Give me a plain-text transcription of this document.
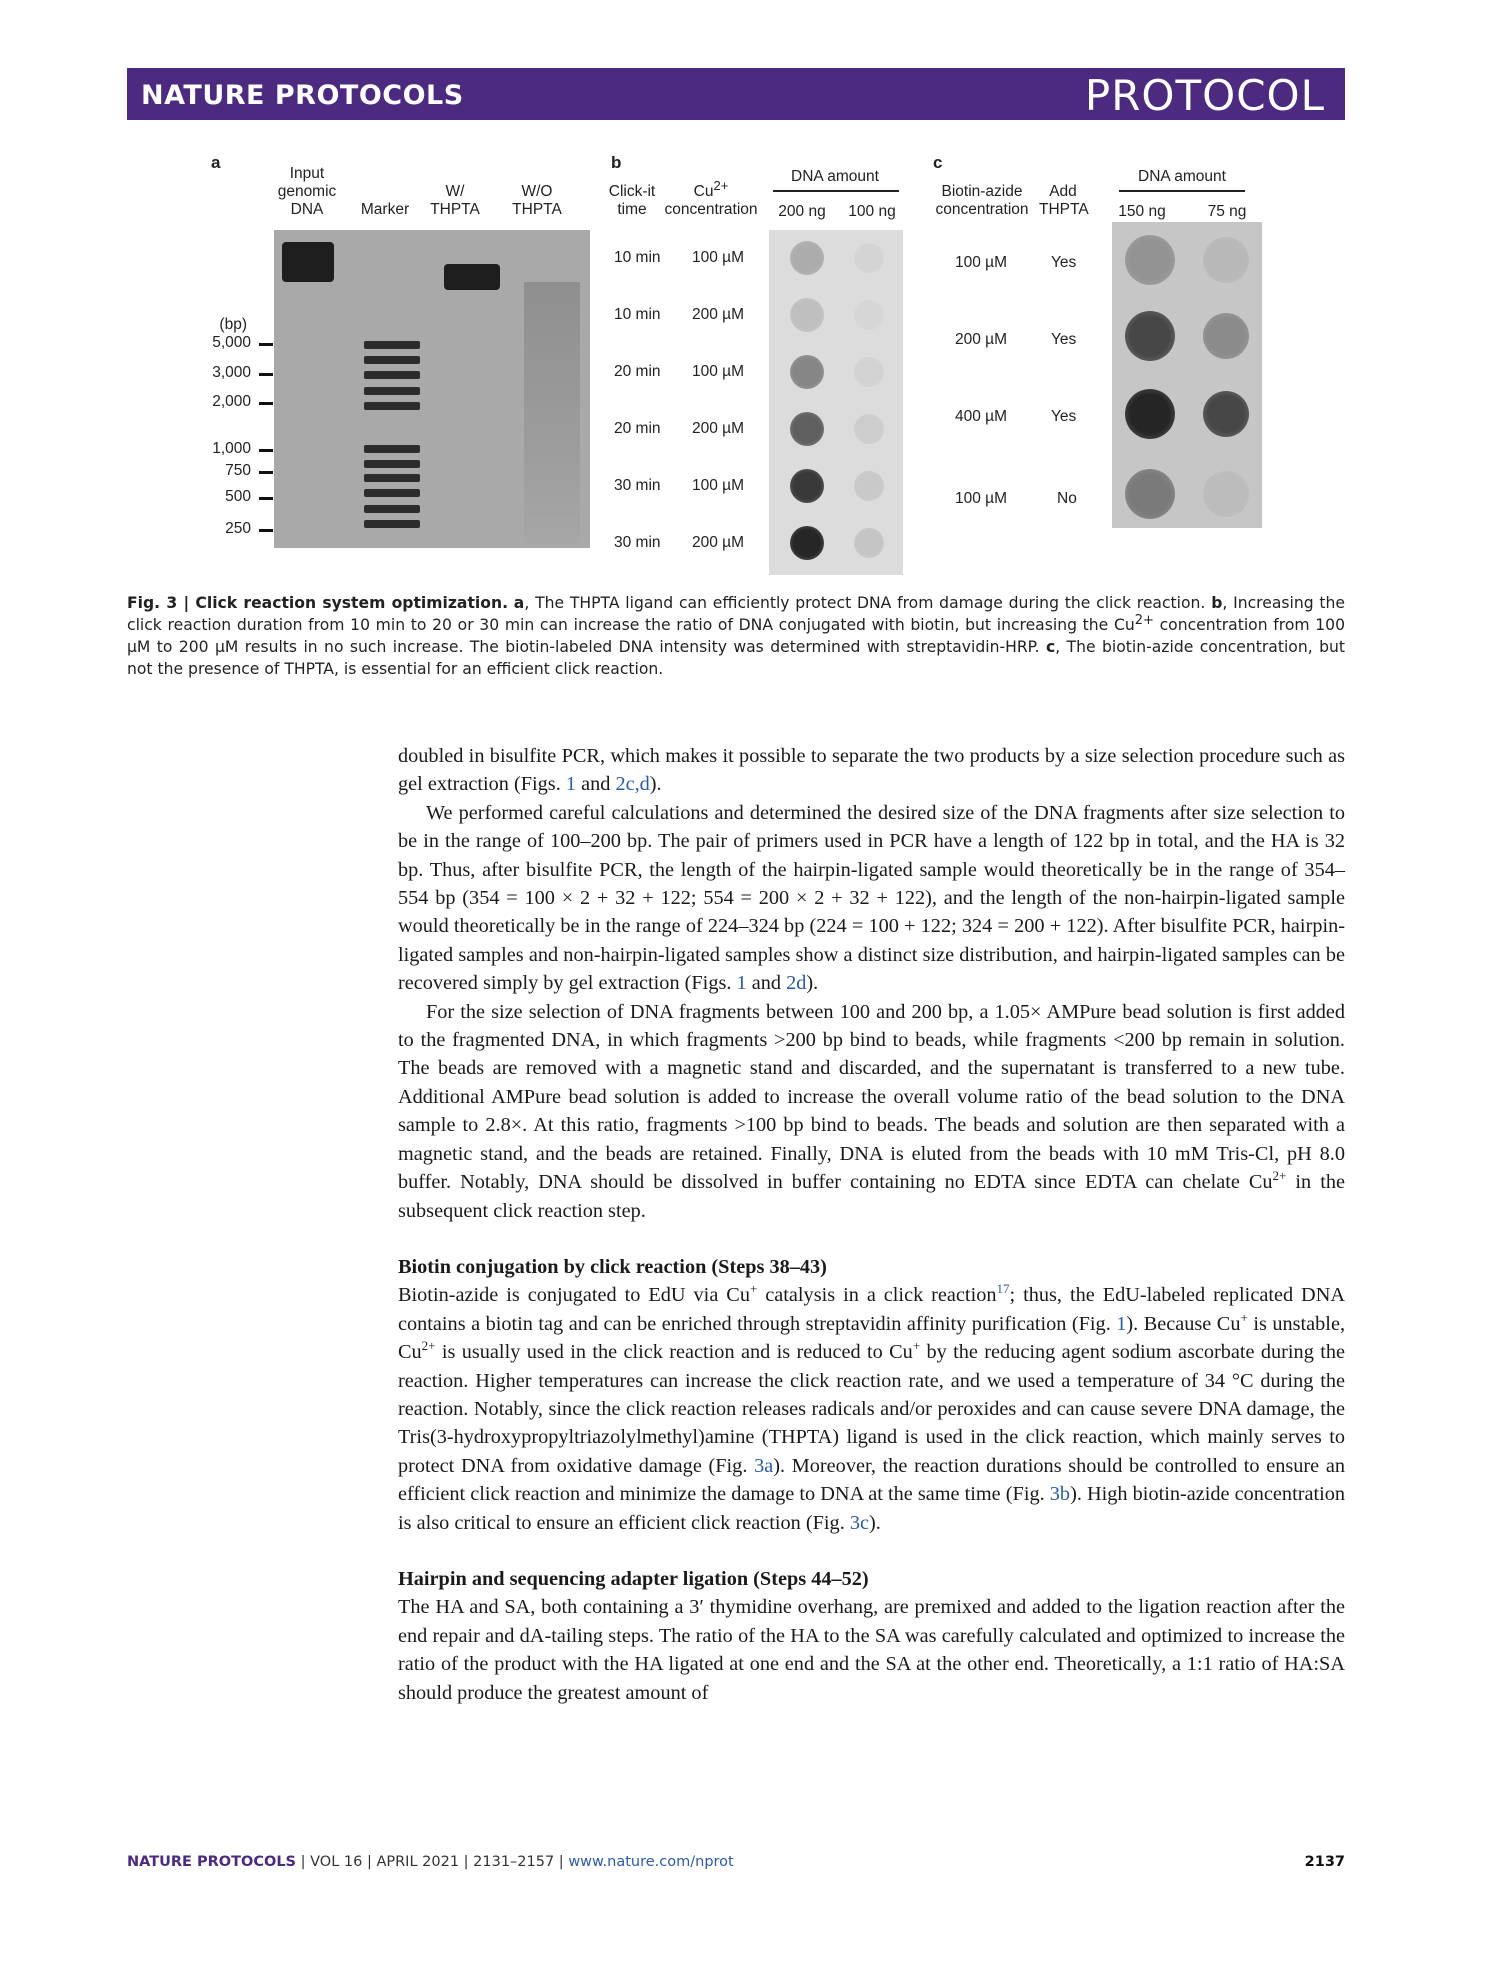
NATURE PROTOCOLS	PROTOCOL
a
Input genomic DNA	Marker
W/ THPTA
W/O THPTA
(bp)
5,000
3,000
2,000
1,000
750
500
250
b
Click-it time
$Cu^{2+}$
concentration
DNA amount
200 ng	100 ng
10 min 100 µM
10 min 200 µM
20 min 100 µM
20 min 200 µM
30 min 100 µM
30 min 200 µM
c
Biotin-azide concentration
Add THPTA
DNA amount
150 ng	75 ng
100 µM	Yes
200 µM	Yes
400 µM	Yes
100 µM	No
Fig. 3 | Click reaction system optimization. a, The THPTA ligand can efficiently protect DNA from damage during the click reaction. b, Increasing the click reaction duration from 10 min to 20 or 30 min can increase the ratio of DNA conjugated with biotin, but increasing the $Cu^{2+}$ concentration from 100 µM to 200 µM results in no such increase. The biotin-labeled DNA intensity was determined with streptavidin-HRP. c, The biotin-azide concentration, but not the presence of THPTA, is essential for an efficient click reaction.

doubled in bisulfite PCR, which makes it possible to separate the two products by a size selection procedure such as gel extraction (Figs. 1 and 2c,d).

We performed careful calculations and determined the desired size of the DNA fragments after size selection to be in the range of 100–200 bp. The pair of primers used in PCR have a length of 122 bp in total, and the HA is 32 bp. Thus, after bisulfite PCR, the length of the hairpin-ligated sample would theoretically be in the range of 354–554 bp (354 = 100 × 2 + 32 + 122; 554 = 200 × 2 + 32 + 122), and the length of the non-hairpin-ligated sample would theoretically be in the range of 224–324 bp (224 = 100 + 122; 324 = 200 + 122). After bisulfite PCR, hairpin-ligated samples and non-hairpin-ligated samples show a distinct size distribution, and hairpin-ligated samples can be recovered simply by gel extraction (Figs. 1 and 2d).

For the size selection of DNA fragments between 100 and 200 bp, a 1.05× AMPure bead solution is first added to the fragmented DNA, in which fragments >200 bp bind to beads, while fragments <200 bp remain in solution. The beads are removed with a magnetic stand and discarded, and the supernatant is transferred to a new tube. Additional AMPure bead solution is added to increase the overall volume ratio of the bead solution to the DNA sample to 2.8×. At this ratio, fragments >100 bp bind to beads. The beads and solution are then separated with a magnetic stand, and the beads are retained. Finally, DNA is eluted from the beads with 10 mM Tris-Cl, pH 8.0 buffer. Notably, DNA should be dissolved in buffer containing no EDTA since EDTA can chelate $Cu^{2+}$ in the subsequent click reaction step.

Biotin conjugation by click reaction (Steps 38–43)

Biotin-azide is conjugated to EdU via Cu+ catalysis in a click reaction$^{17}$; thus, the EdU-labeled replicated DNA contains a biotin tag and can be enriched through streptavidin affinity purification (Fig. 1). Because Cu+ is unstable, $Cu^{2+}$ is usually used in the click reaction and is reduced to Cu+ by the reducing agent sodium ascorbate during the reaction. Higher temperatures can increase the click reaction rate, and we used a temperature of 34 °C during the reaction. Notably, since the click reaction releases radicals and/or peroxides and can cause severe DNA damage, the Tris(3-hydroxypropyltriazolylmethyl)amine (THPTA) ligand is used in the click reaction, which mainly serves to protect DNA from oxidative damage (Fig. 3a). Moreover, the reaction durations should be controlled to ensure an efficient click reaction and minimize the damage to DNA at the same time (Fig. 3b). High biotin-azide concentration is also critical to ensure an efficient click reaction (Fig. 3c).

Hairpin and sequencing adapter ligation (Steps 44–52)

The HA and SA, both containing a 3′ thymidine overhang, are premixed and added to the ligation reaction after the end repair and dA-tailing steps. The ratio of the HA to the SA was carefully calculated and optimized to increase the ratio of the product with the HA ligated at one end and the SA at the other end. Theoretically, a 1:1 ratio of HA:SA should produce the greatest amount of

NATURE PROTOCOLS | VOL 16 | APRIL 2021 | 2131–2157 | www.nature.com/nprot	2137
